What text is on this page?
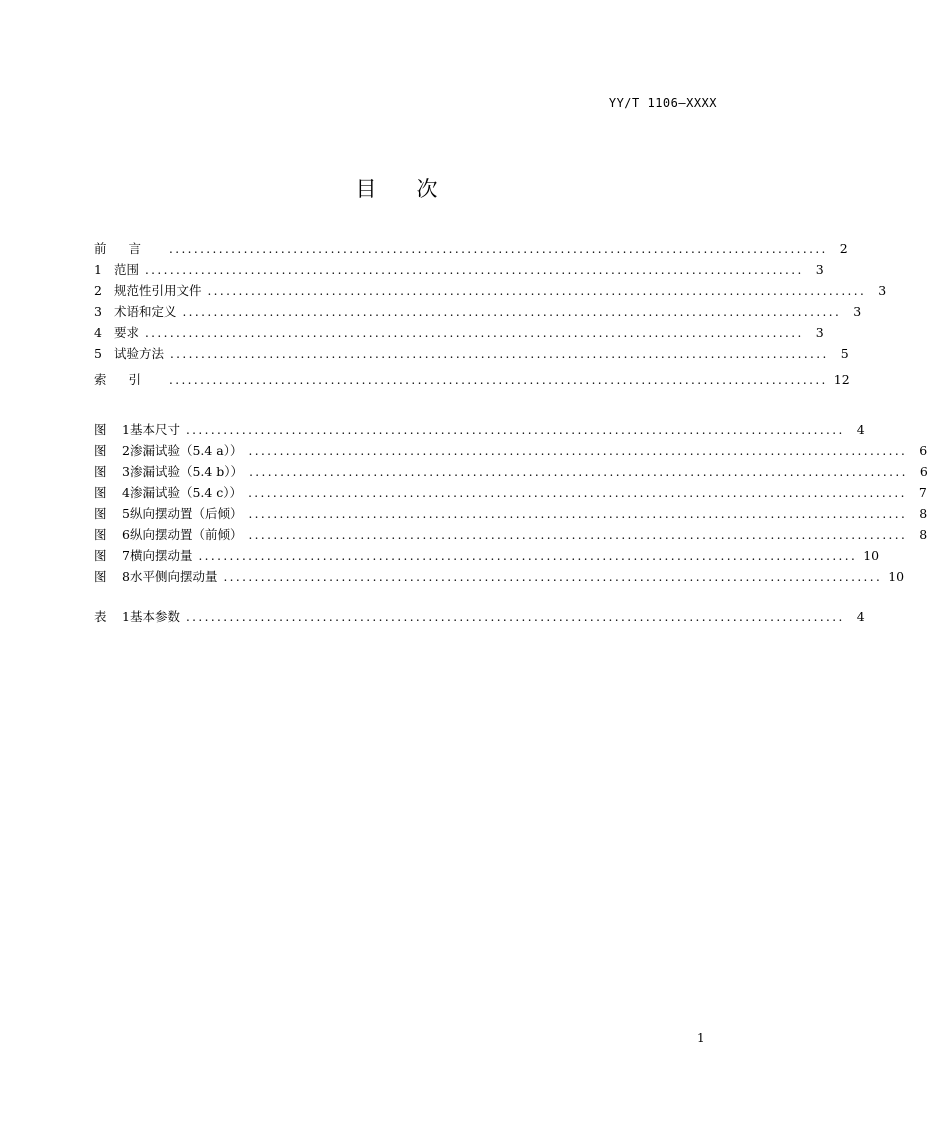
YY/T 1106—XXXX
目 次
前言 .......................................................................................................... 2
1 范围 .......................................................................................................... 3
2 规范性引用文件 .......................................................................................................... 3
3 术语和定义 .......................................................................................................... 3
4 要求 .......................................................................................................... 3
5 试验方法 .......................................................................................................... 5
索引 .......................................................................................................... 12
图 1 基本尺寸 .......................................................................................................... 4
图 2 渗漏试验（5.4 a）） .......................................................................................................... 6
图 3 渗漏试验（5.4 b）） .......................................................................................................... 6
图 4 渗漏试验（5.4 c）） .......................................................................................................... 7
图 5 纵向摆动置（后倾） .......................................................................................................... 8
图 6 纵向摆动置（前倾） .......................................................................................................... 8
图 7 横向摆动量 .......................................................................................................... 10
图 8 水平侧向摆动量 .......................................................................................................... 10
表 1 基本参数 .......................................................................................................... 4
1
